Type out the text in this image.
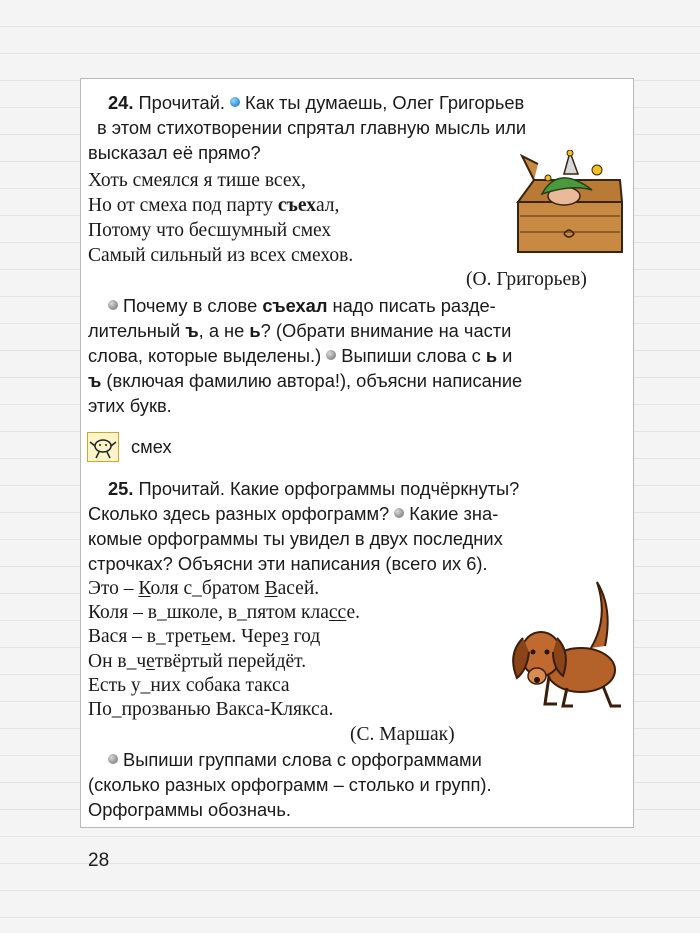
24. Прочитай. Как ты думаешь, Олег Григорьев
в этом стихотворении спрятал главную мысль или
высказал её прямо?
Хоть смеялся я тише всех,
Но от смеха под парту съехал,
Потому что бесшумный смех
Самый сильный из всех смехов.
(О. Григорьев)
Почему в слове съехал надо писать разде-
лительный ъ, а не ь? (Обрати внимание на части
слова, которые выделены.) Выпиши слова с ь и
ъ (включая фамилию автора!), объясни написание
этих букв.
смех
25. Прочитай. Какие орфограммы подчёркнуты?
Сколько здесь разных орфограмм? Какие зна-
комые орфограммы ты увидел в двух последних
строчках? Объясни эти написания (всего их 6).
Это – Коля с_братом Васей.
Коля – в_школе, в_пятом классе.
Вася – в_третьем. Через год
Он в_четвёртый перейдёт.
Есть у_них собака такса
По_прозванью Вакса-Клякса.
(С. Маршак)
Выпиши группами слова с орфограммами
(сколько разных орфограмм – столько и групп).
Орфограммы обозначь.
28
